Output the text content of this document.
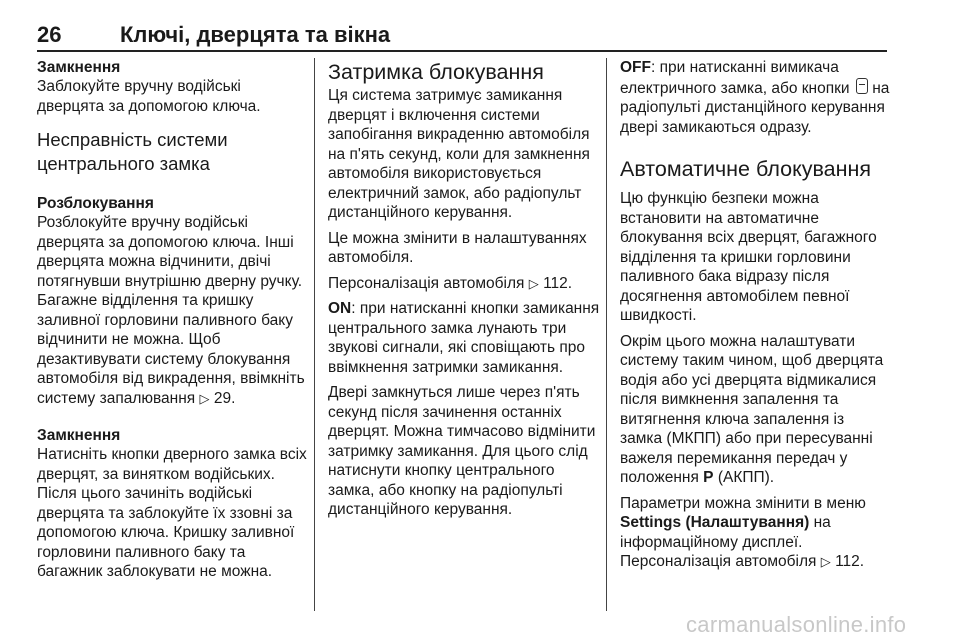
26	Ключі, дверцята та вікна

Замкнення

Заблокуйте вручну водійські дверцята за допомогою ключа.

Несправність системи центрального замка

Розблокування

Розблокуйте вручну водійські дверцята за допомогою ключа. Інші дверцята можна відчинити, двічі потягнувши внутрішню дверну ручку. Багажне відділення та кришку заливної горловини паливного баку відчинити не можна. Щоб дезактивувати систему блокування автомобіля від викрадення, ввімкніть систему запалювання ▷ 29.

Замкнення

Натисніть кнопки дверного замка всіх дверцят, за винятком водійських. Після цього зачиніть водійські дверцята та заблокуйте їх ззовні за допомогою ключа. Кришку заливної горловини паливного баку та багажник заблокувати не можна.

Затримка блокування

Ця система затримує замикання дверцят і включення системи запобігання викраденню автомобіля на п'ять секунд, коли для замкнення автомобіля використовується електричний замок, або радіопульт дистанційного керування.

Це можна змінити в налаштуваннях автомобіля.

Персоналізація автомобіля ▷ 112.

ON: при натисканні кнопки замикання центрального замка лунають три звукові сигнали, які сповіщають про ввімкнення затримки замикання.

Двері замкнуться лише через п'ять секунд після зачинення останніх дверцят. Можна тимчасово відмінити затримку замикання. Для цього слід натиснути кнопку центрального замка, або кнопку на радіопульті дистанційного керування.

OFF: при натисканні вимикача електричного замка, або кнопки на радіопульті дистанційного керування двері замикаються одразу.

Автоматичне блокування

Цю функцію безпеки можна встановити на автоматичне блокування всіх дверцят, багажного відділення та кришки горловини паливного бака відразу після досягнення автомобілем певної швидкості.

Окрім цього можна налаштувати систему таким чином, щоб дверцята водія або усі дверцята відмикалися після вимкнення запалення та витягнення ключа запалення із замка (МКПП) або при пересуванні важеля перемикання передач у положення P (АКПП).

Параметри можна змінити в меню Settings (Налаштування) на інформаційному дисплеї.

Персоналізація автомобіля ▷ 112.

carmanualsonline.info
